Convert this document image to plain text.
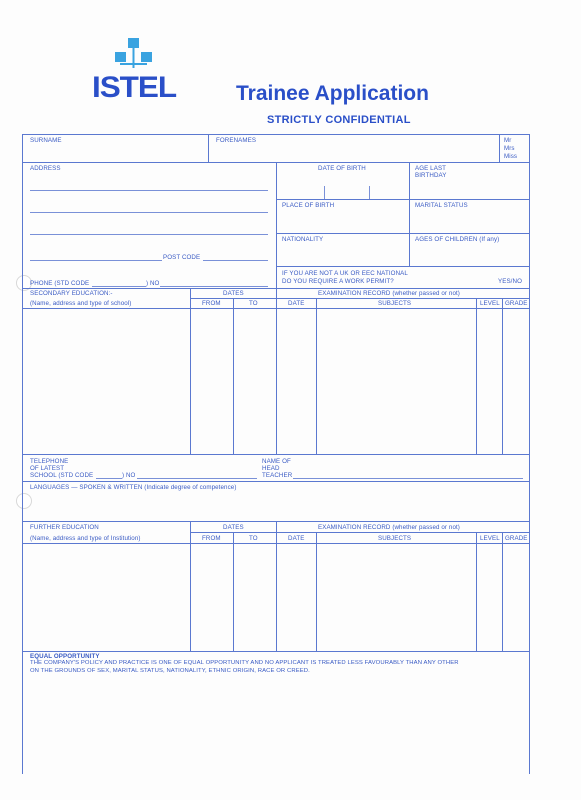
ISTEL	Trainee Application
STRICTLY CONFIDENTIAL
SURNAME	FORENAMES	Mr
Mrs
Miss
ADDRESS
POST CODE
PHONE (STD CODE	) NO
DATE OF BIRTH	AGE LAST
BIRTHDAY
PLACE OF BIRTH	MARITAL STATUS
NATIONALITY	AGES OF CHILDREN (If any)
IF YOU ARE NOT A UK OR EEC NATIONAL
DO YOU REQUIRE A WORK PERMIT?	YES/NO
SECONDARY EDUCATION:-	DATES	EXAMINATION RECORD (whether passed or not)
(Name, address and type of school)	FROM	TO	DATE	SUBJECTS	LEVEL GRADE
TELEPHONE
OF LATEST
SCHOOL (STD CODE	) NO
NAME OF
HEAD
TEACHER
LANGUAGES — SPOKEN & WRITTEN (Indicate degree of competence)
FURTHER EDUCATION	DATES	EXAMINATION RECORD (whether passed or not)
(Name, address and type of Institution)	FROM	TO	DATE	SUBJECTS	LEVEL GRADE
EQUAL OPPORTUNITY
THE COMPANY'S POLICY AND PRACTICE IS ONE OF EQUAL OPPORTUNITY AND NO APPLICANT IS TREATED LESS FAVOURABLY THAN ANY OTHER
ON THE GROUNDS OF SEX, MARITAL STATUS, NATIONALITY, ETHNIC ORIGIN, RACE OR CREED.
